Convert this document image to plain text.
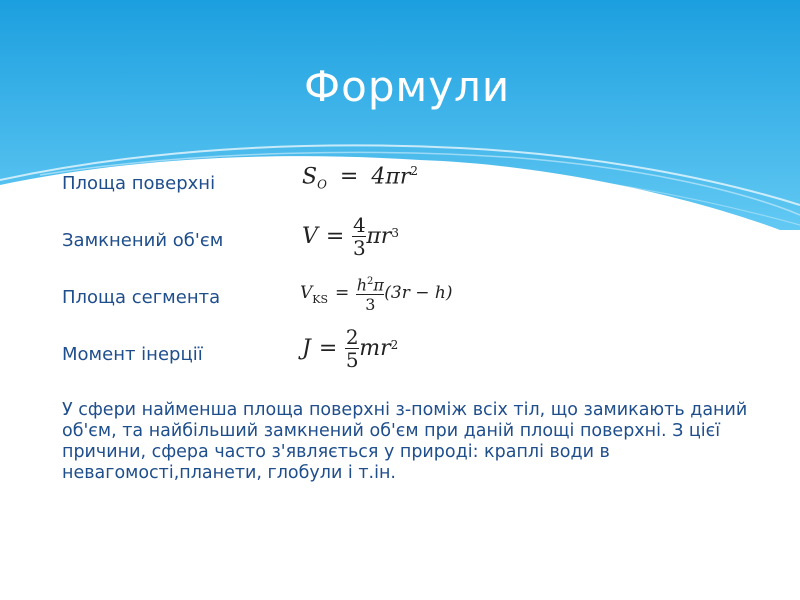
Формули
Площа поверхні
Замкнений об'єм
Площа сегмента
Момент інерції
$S_O = 4\pi r^2$
V = 4
3 πr 3
$V_{KS} = h^2\pi$
3
(3r − h)
J = 2
5 mr 2
У сфери найменша площа поверхні з-поміж всіх тіл, що замикають даний об'єм, та найбільший замкнений об'єм при даній площі поверхні. З цієї причини, сфера часто з'являється у природі: краплі води в невагомості,планети, глобули і т.ін.
